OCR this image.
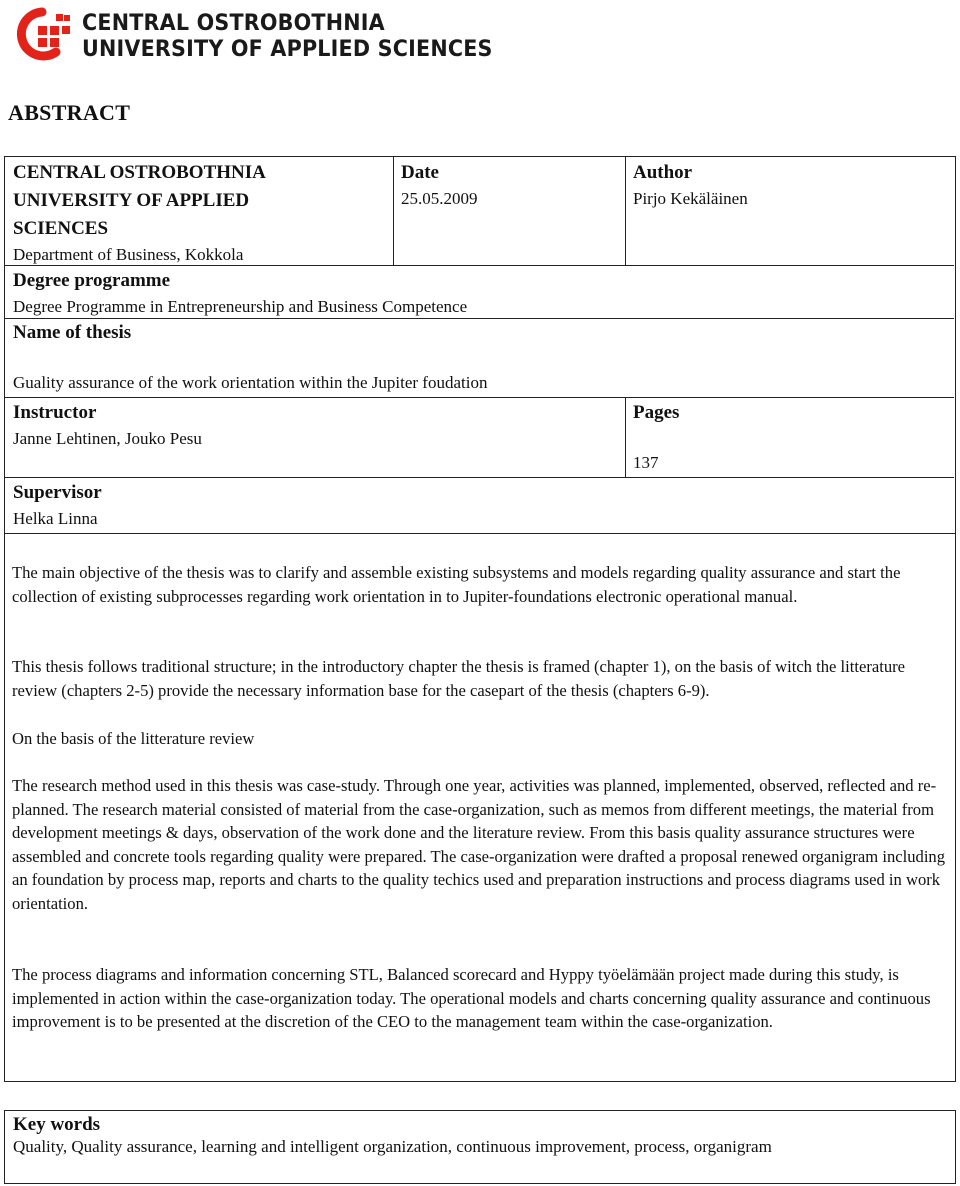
CENTRAL OSTROBOTHNIA
UNIVERSITY OF APPLIED SCIENCES
ABSTRACT
CENTRAL OSTROBOTHNIA
UNIVERSITY OF APPLIED
SCIENCES
Department of Business, Kokkola
Date
25.05.2009
Author
Pirjo Kekäläinen
Degree programme
Degree Programme in Entrepreneurship and Business Competence
Name of thesis
Guality assurance of the work orientation within the Jupiter foudation
Instructor
Janne Lehtinen, Jouko Pesu
Pages
137
Supervisor
Helka Linna

The main objective of the thesis was to clarify and assemble existing subsystems and models regarding quality assurance and start the collection of existing subprocesses regarding work orientation in to Jupiter-foundations electronic operational manual.

This thesis follows traditional structure; in the introductory chapter the thesis is framed (chapter 1), on the basis of witch the litterature review (chapters 2-5) provide the necessary information base for the casepart of the thesis (chapters 6-9).

On the basis of the litterature review

The research method used in this thesis was case-study. Through one year, activities was planned, implemented, observed, reflected and re-planned. The research material consisted of material from the case-organization, such as memos from different meetings, the material from development meetings & days, observation of the work done and the literature review. From this basis quality assurance structures were assembled and concrete tools regarding quality were prepared. The case-organization were drafted a proposal renewed organigram including an foundation by process map, reports and charts to the quality techics used and preparation instructions and process diagrams used in work orientation.

The process diagrams and information concerning STL, Balanced scorecard and Hyppy työelämään project made during this study, is implemented in action within the case-organization today. The operational models and charts concerning quality assurance and continuous improvement is to be presented at the discretion of the CEO to the management team within the case-organization.

Key words
Quality, Quality assurance, learning and intelligent organization, continuous improvement, process, organigram
